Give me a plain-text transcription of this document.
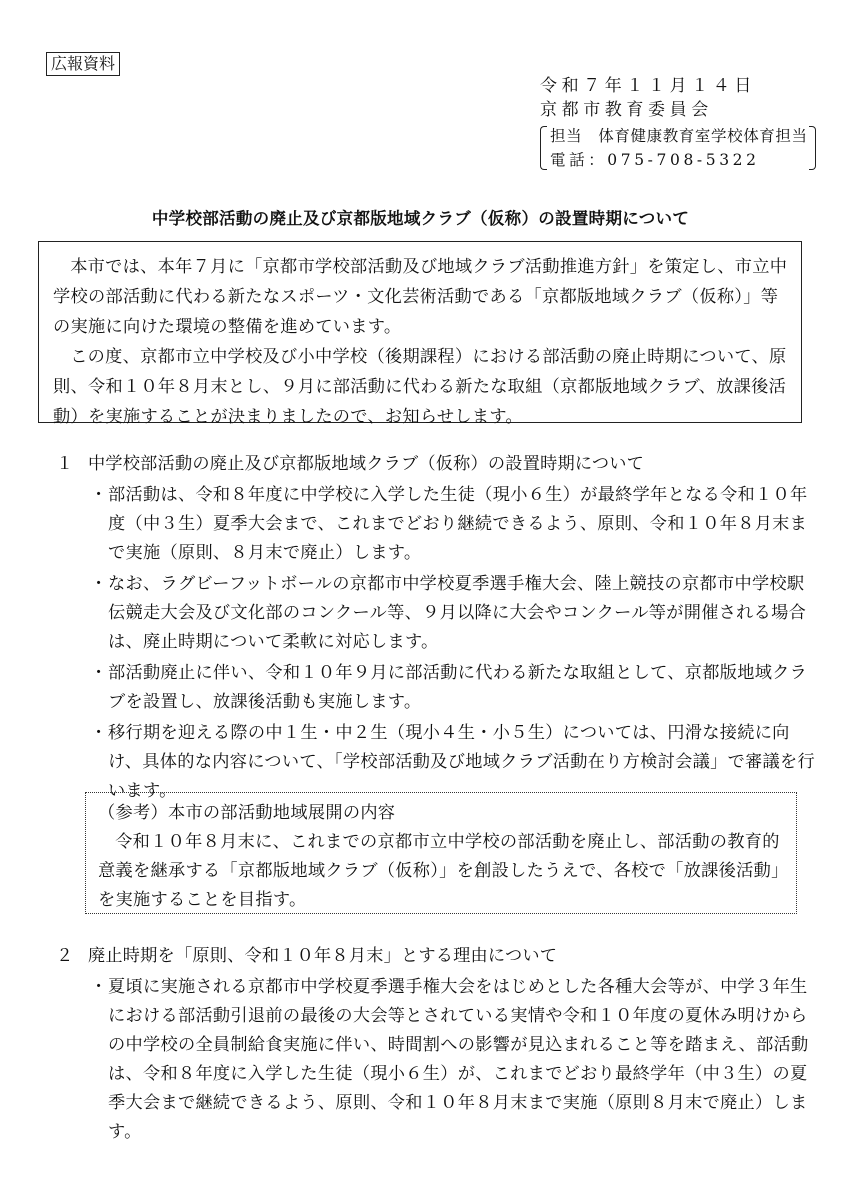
広報資料
令和７年１１月１４日
京都市教育委員会
担当　体育健康教育室学校体育担当
電話：075-708-5322
中学校部活動の廃止及び京都版地域クラブ（仮称）の設置時期について

本市では、本年７月に「京都市学校部活動及び地域クラブ活動推進方針」を策定し、市立中学校の部活動に代わる新たなスポーツ・文化芸術活動である「京都版地域クラブ（仮称）」等の実施に向けた環境の整備を進めています。

この度、京都市立中学校及び小中学校（後期課程）における部活動の廃止時期について、原則、令和１０年８月末とし、９月に部活動に代わる新たな取組（京都版地域クラブ、放課後活動）を実施することが決まりましたので、お知らせします。

１ 中学校部活動の廃止及び京都版地域クラブ（仮称）の設置時期について
・ 部活動は、令和８年度に中学校に入学した生徒（現小６生）が最終学年となる令和１０年度（中３生）夏季大会まで、これまでどおり継続できるよう、原則、令和１０年８月末まで実施（原則、８月末で廃止）します。
・ なお、ラグビーフットボールの京都市中学校夏季選手権大会、陸上競技の京都市中学校駅伝競走大会及び文化部のコンクール等、９月以降に大会やコンクール等が開催される場合は、廃止時期について柔軟に対応します。
・ 部活動廃止に伴い、令和１０年９月に部活動に代わる新たな取組として、京都版地域クラブを設置し、放課後活動も実施します。
・ 移行期を迎える際の中１生・中２生（現小４生・小５生）については、円滑な接続に向け、具体的な内容について、「学校部活動及び地域クラブ活動在り方検討会議」で審議を行います。

（参考）本市の部活動地域展開の内容

令和１０年８月末に、これまでの京都市立中学校の部活動を廃止し、部活動の教育的意義を継承する「京都版地域クラブ（仮称）」を創設したうえで、各校で「放課後活動」を実施することを目指す。

２ 廃止時期を「原則、令和１０年８月末」とする理由について
・ 夏頃に実施される京都市中学校夏季選手権大会をはじめとした各種大会等が、中学３年生における部活動引退前の最後の大会等とされている実情や令和１０年度の夏休み明けからの中学校の全員制給食実施に伴い、時間割への影響が見込まれること等を踏まえ、部活動は、令和８年度に入学した生徒（現小６生）が、これまでどおり最終学年（中３生）の夏季大会まで継続できるよう、原則、令和１０年８月末まで実施（原則８月末で廃止）します。
